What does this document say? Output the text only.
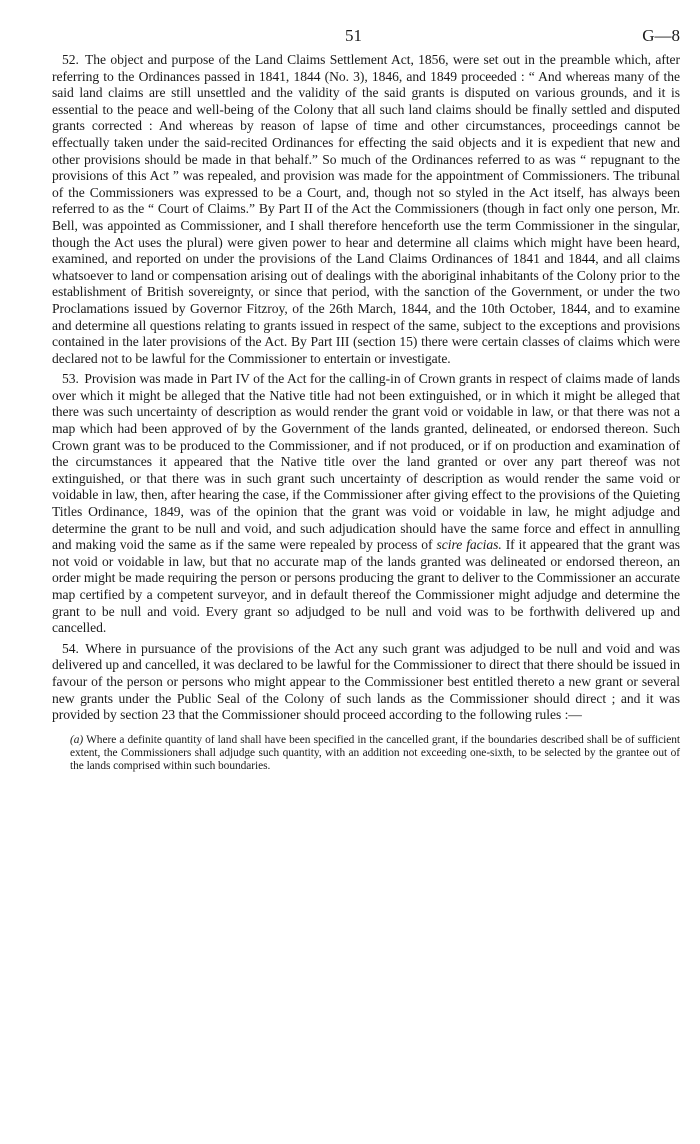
51	G—8

52. The object and purpose of the Land Claims Settlement Act, 1856, were set out in the preamble which, after referring to the Ordinances passed in 1841, 1844 (No. 3), 1846, and 1849 proceeded : “ And whereas many of the said land claims are still unsettled and the validity of the said grants is disputed on various grounds, and it is essential to the peace and well-being of the Colony that all such land claims should be finally settled and disputed grants corrected : And whereas by reason of lapse of time and other circumstances, proceedings cannot be effectually taken under the said-recited Ordinances for effecting the said objects and it is expedient that new and other provisions should be made in that behalf.” So much of the Ordinances referred to as was “ repugnant to the provisions of this Act ” was repealed, and provision was made for the appointment of Commissioners. The tribunal of the Commissioners was expressed to be a Court, and, though not so styled in the Act itself, has always been referred to as the “ Court of Claims.” By Part II of the Act the Commissioners (though in fact only one person, Mr. Bell, was appointed as Commissioner, and I shall therefore henceforth use the term Commissioner in the singular, though the Act uses the plural) were given power to hear and determine all claims which might have been heard, examined, and reported on under the provisions of the Land Claims Ordinances of 1841 and 1844, and all claims whatsoever to land or compensation arising out of dealings with the aboriginal inhabitants of the Colony prior to the establishment of British sovereignty, or since that period, with the sanction of the Government, or under the two Proclamations issued by Governor Fitzroy, of the 26th March, 1844, and the 10th October, 1844, and to examine and determine all questions relating to grants issued in respect of the same, subject to the exceptions and provisions contained in the later provisions of the Act. By Part III (section 15) there were certain classes of claims which were declared not to be lawful for the Commissioner to entertain or investigate.

53. Provision was made in Part IV of the Act for the calling-in of Crown grants in respect of claims made of lands over which it might be alleged that the Native title had not been extinguished, or in which it might be alleged that there was such uncertainty of description as would render the grant void or voidable in law, or that there was not a map which had been approved of by the Government of the lands granted, delineated, or endorsed thereon. Such Crown grant was to be produced to the Commissioner, and if not produced, or if on production and examination of the circumstances it appeared that the Native title over the land granted or over any part thereof was not extinguished, or that there was in such grant such uncertainty of description as would render the same void or voidable in law, then, after hearing the case, if the Commissioner after giving effect to the provisions of the Quieting Titles Ordinance, 1849, was of the opinion that the grant was void or voidable in law, he might adjudge and determine the grant to be null and void, and such adjudication should have the same force and effect in annulling and making void the same as if the same were repealed by process of scire facias. If it appeared that the grant was not void or voidable in law, but that no accurate map of the lands granted was delineated or endorsed thereon, an order might be made requiring the person or persons producing the grant to deliver to the Commissioner an accurate map certified by a competent surveyor, and in default thereof the Commissioner might adjudge and determine the grant to be null and void. Every grant so adjudged to be null and void was to be forthwith delivered up and cancelled.

54. Where in pursuance of the provisions of the Act any such grant was adjudged to be null and void and was delivered up and cancelled, it was declared to be lawful for the Commissioner to direct that there should be issued in favour of the person or persons who might appear to the Commissioner best entitled thereto a new grant or several new grants under the Public Seal of the Colony of such lands as the Commissioner should direct ; and it was provided by section 23 that the Commissioner should proceed according to the following rules :—

(a) Where a definite quantity of land shall have been specified in the cancelled grant, if the boundaries described shall be of sufficient extent, the Commissioners shall adjudge such quantity, with an addition not exceeding one-sixth, to be selected by the grantee out of the lands comprised within such boundaries.
